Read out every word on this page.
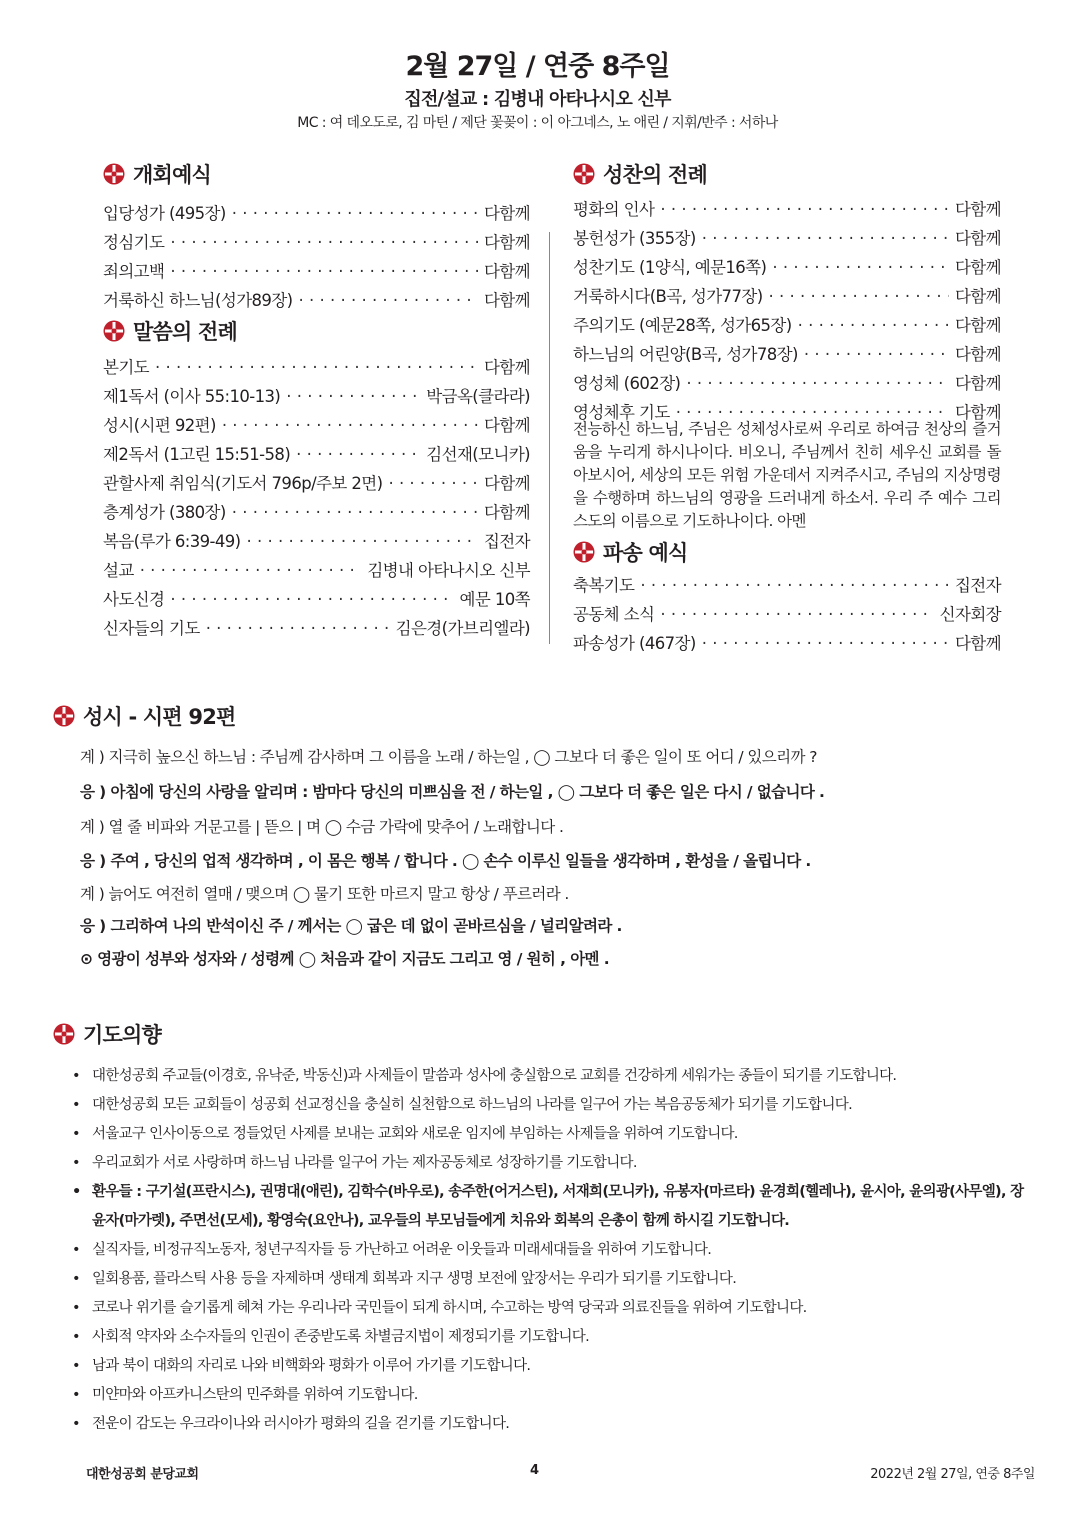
2월 27일 / 연중 8주일
집전/설교 : 김병내 아타나시오 신부
MC : 여 데오도로, 김 마틴 / 제단 꽃꽂이 : 이 아그네스, 노 애린 / 지휘/반주 : 서하나
개회예식
입당성가 (495장) · · ·	다함께
정심기도 · · ·	다함께
죄의고백 · · ·	다함께
거룩하신 하느님(성가89장) · · ·	다함께
말씀의 전례
본기도 · · ·	다함께
제1독서 (이사 55:10-13) · · ·	박금옥(클라라)
성시(시편 92편) · · ·	다함께
제2독서 (1고린 15:51-58) · · ·	김선재(모니카)
관할사제 취임식(기도서 796p/주보 2면) · · ·	다함께
층계성가 (380장) · · ·	다함께
복음(루가 6:39-49) · · ·	집전자
설교 · · ·	김병내 아타나시오 신부
사도신경 · · ·	예문 10쪽
신자들의 기도 · · ·	김은경(가브리엘라)
성찬의 전례
평화의 인사 · · ·	다함께
봉헌성가 (355장) · · ·	다함께
성찬기도 (1양식, 예문16쪽) · · ·	다함께
거룩하시다(B곡, 성가77장) · · ·	다함께
주의기도 (예문28쪽, 성가65장) · · ·	다함께
하느님의 어린양(B곡, 성가78장) · · ·	다함께
영성체 (602장) · · ·	다함께
영성체후 기도 · · ·	다함께
전능하신 하느님, 주님은 성체성사로써 우리로 하여금 천상의 즐거움을 누리게 하시나이다. 비오니, 주님께서 친히 세우신 교회를 돌아보시어, 세상의 모든 위험 가운데서 지켜주시고, 주님의 지상명령을 수행하며 하느님의 영광을 드러내게 하소서. 우리 주 예수 그리스도의 이름으로 기도하나이다. 아멘
파송 예식
축복기도 · · ·	집전자
공동체 소식 · · ·	신자회장
파송성가 (467장) · · ·	다함께
성시 - 시편 92편
계 ) 지극히 높으신 하느님 : 주님께 감사하며 그 이름을 노래 / 하는일 , ◯ 그보다 더 좋은 일이 또 어디 / 있으리까 ?
응 ) 아침에 당신의 사랑을 알리며 : 밤마다 당신의 미쁘심을 전 / 하는일 , ◯ 그보다 더 좋은 일은 다시 / 없습니다 .
계 ) 열 줄 비파와 거문고를 | 뜯으 | 며 ◯ 수금 가락에 맞추어 / 노래합니다 .
응 ) 주여 , 당신의 업적 생각하며 , 이 몸은 행복 / 합니다 . ◯ 손수 이루신 일들을 생각하며 , 환성을 / 올립니다 .
계 ) 늙어도 여전히 열매 / 맺으며 ◯ 물기 또한 마르지 말고 항상 / 푸르러라 .
응 ) 그리하여 나의 반석이신 주 / 께서는 ◯ 굽은 데 없이 곧바르심을 / 널리알려라 .
⊙ 영광이 성부와 성자와 / 성령께 ◯ 처음과 같이 지금도 그리고 영 / 원히 , 아멘 .
기도의향
• 대한성공회 주교들(이경호, 유낙준, 박동신)과 사제들이 말씀과 성사에 충실함으로 교회를 건강하게 세워가는 종들이 되기를 기도합니다.
• 대한성공회 모든 교회들이 성공회 선교정신을 충실히 실천함으로 하느님의 나라를 일구어 가는 복음공동체가 되기를 기도합니다.
• 서울교구 인사이동으로 정들었던 사제를 보내는 교회와 새로운 임지에 부임하는 사제들을 위하여 기도합니다.
• 우리교회가 서로 사랑하며 하느님 나라를 일구어 가는 제자공동체로 성장하기를 기도합니다.
• 환우들 : 구기설(프란시스), 권명대(애린), 김학수(바우로), 송주한(어거스틴), 서재희(모니카), 유봉자(마르타) 윤경희(헬레나), 윤시아, 윤의광(사무엘), 장윤자(마가렛), 주면선(모세), 황영숙(요안나), 교우들의 부모님들에게 치유와 회복의 은총이 함께 하시길 기도합니다.
• 실직자들, 비정규직노동자, 청년구직자들 등 가난하고 어려운 이웃들과 미래세대들을 위하여 기도합니다.
• 일회용품, 플라스틱 사용 등을 자제하며 생태계 회복과 지구 생명 보전에 앞장서는 우리가 되기를 기도합니다.
• 코로나 위기를 슬기롭게 헤쳐 가는 우리나라 국민들이 되게 하시며, 수고하는 방역 당국과 의료진들을 위하여 기도합니다.
• 사회적 약자와 소수자들의 인권이 존중받도록 차별금지법이 제정되기를 기도합니다.
• 남과 북이 대화의 자리로 나와 비핵화와 평화가 이루어 가기를 기도합니다.
• 미얀마와 아프카니스탄의 민주화를 위하여 기도합니다.
• 전운이 감도는 우크라이나와 러시아가 평화의 길을 걷기를 기도합니다.
대한성공회 분당교회	4	2022년 2월 27일, 연중 8주일
